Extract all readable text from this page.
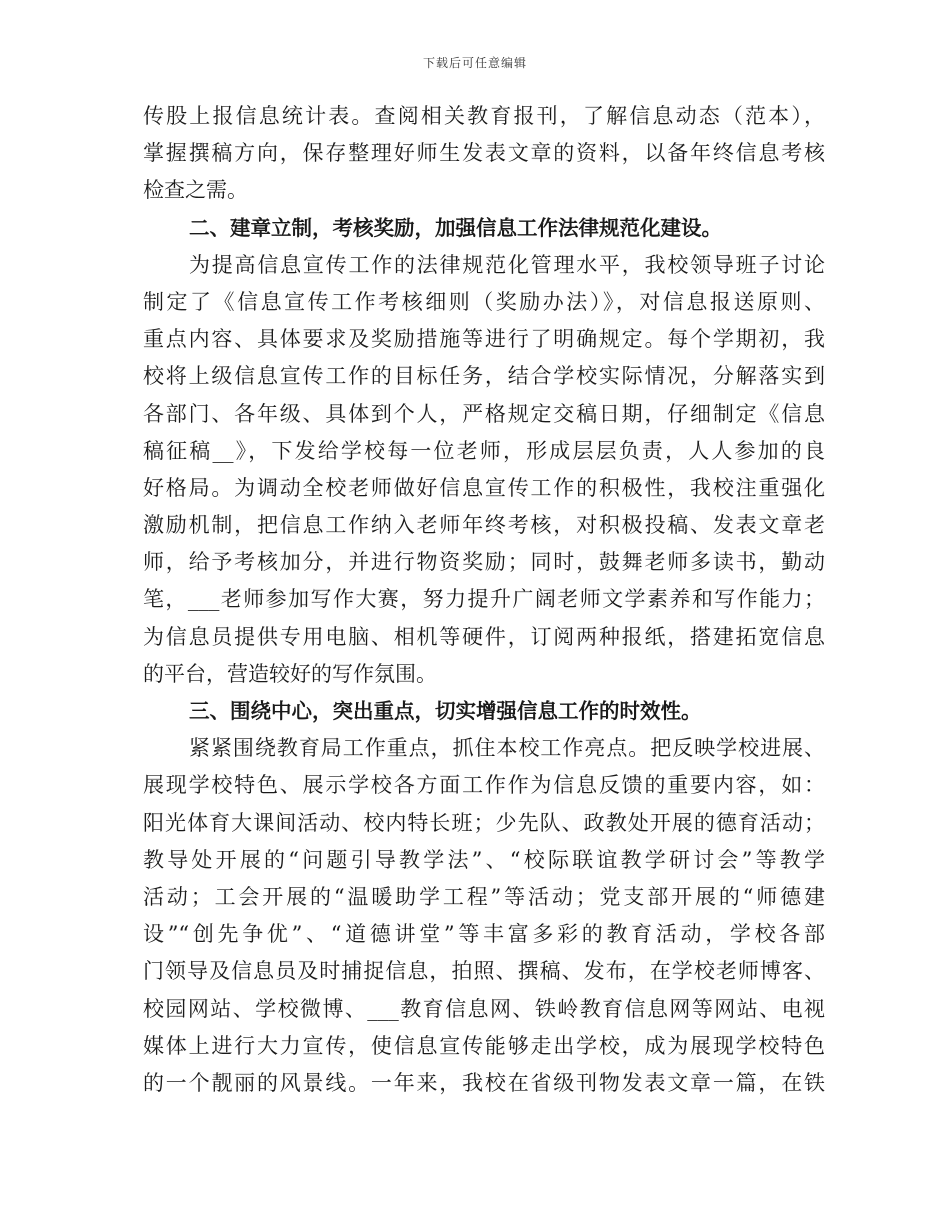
下载后可任意编辑
传股上报信息统计表。查阅相关教育报刊，了解信息动态（范本），
掌握撰稿方向，保存整理好师生发表文章的资料，以备年终信息考核
检查之需。
二、建章立制，考核奖励，加强信息工作法律规范化建设。
为提高信息宣传工作的法律规范化管理水平，我校领导班子讨论
制定了《信息宣传工作考核细则（奖励办法）》，对信息报送原则、
重点内容、具体要求及奖励措施等进行了明确规定。每个学期初，我
校将上级信息宣传工作的目标任务，结合学校实际情况，分解落实到
各部门、各年级、具体到个人，严格规定交稿日期，仔细制定《信息
稿征稿__》，下发给学校每一位老师，形成层层负责，人人参加的良
好格局。为调动全校老师做好信息宣传工作的积极性，我校注重强化
激励机制，把信息工作纳入老师年终考核，对积极投稿、发表文章老
师，给予考核加分，并进行物资奖励；同时，鼓舞老师多读书，勤动
笔，___老师参加写作大赛，努力提升广阔老师文学素养和写作能力；
为信息员提供专用电脑、相机等硬件，订阅两种报纸，搭建拓宽信息
的平台，营造较好的写作氛围。
三、围绕中心，突出重点，切实增强信息工作的时效性。
紧紧围绕教育局工作重点，抓住本校工作亮点。把反映学校进展、
展现学校特色、展示学校各方面工作作为信息反馈的重要内容，如：
阳光体育大课间活动、校内特长班；少先队、政教处开展的德育活动；
教导处开展的“问题引导教学法”、“校际联谊教学研讨会”等教学
活动；工会开展的“温暖助学工程”等活动；党支部开展的“师德建
设”“创先争优”、“道德讲堂”等丰富多彩的教育活动，学校各部
门领导及信息员及时捕捉信息，拍照、撰稿、发布，在学校老师博客、
校园网站、学校微博、___教育信息网、铁岭教育信息网等网站、电视
媒体上进行大力宣传，使信息宣传能够走出学校，成为展现学校特色
的一个靓丽的风景线。一年来，我校在省级刊物发表文章一篇，在铁
